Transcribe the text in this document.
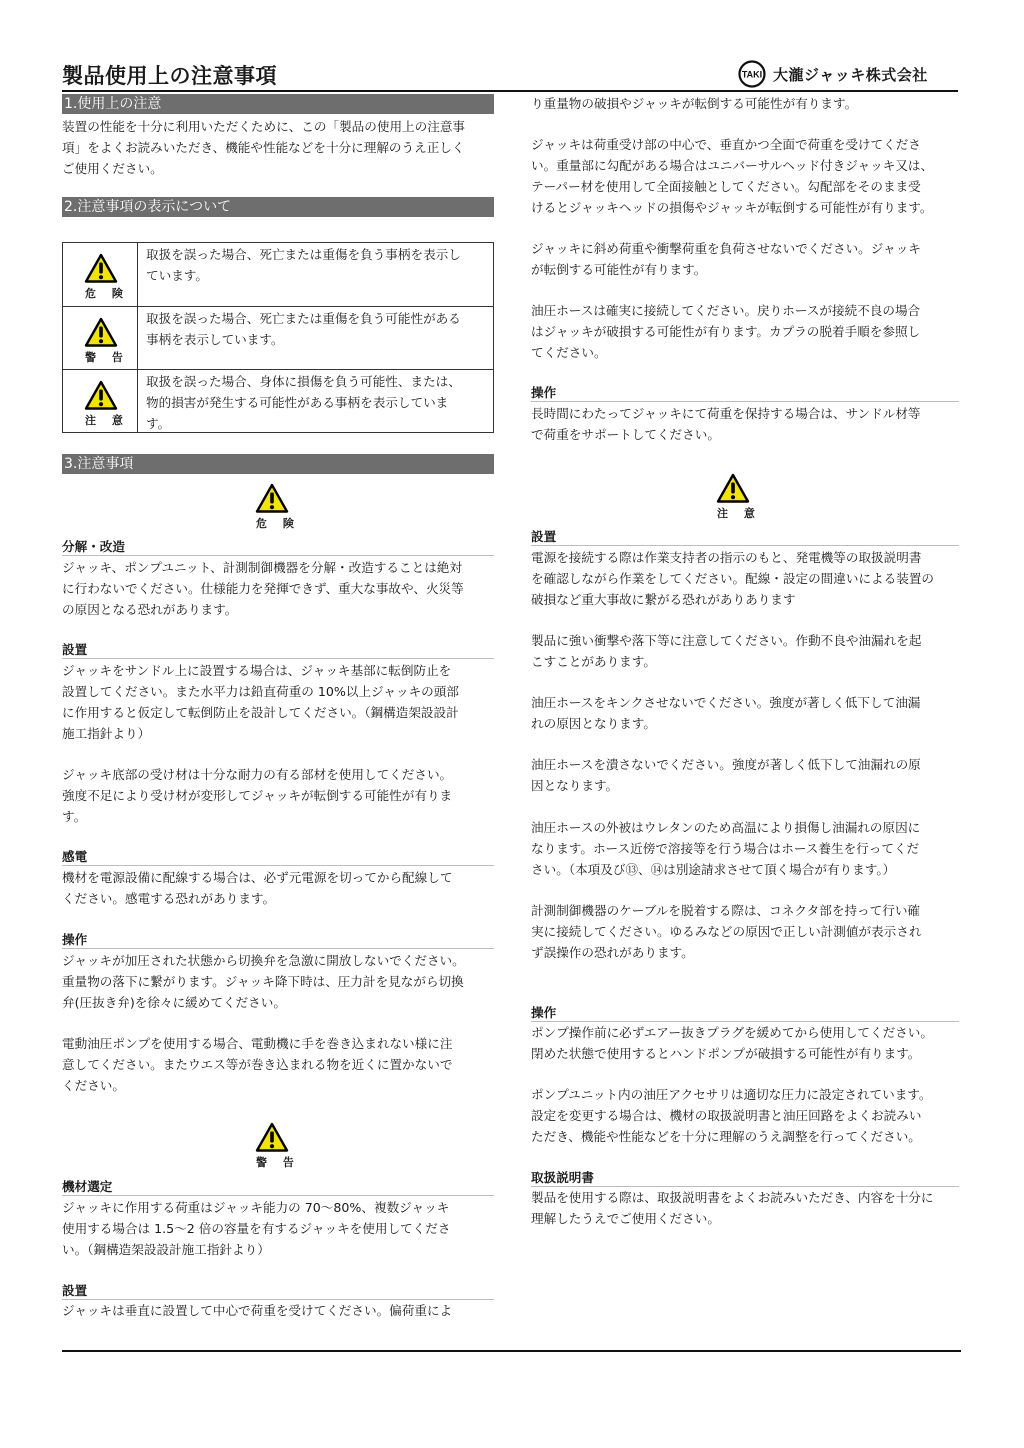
製品使用上の注意事項	TAKI 大瀧ジャッキ株式会社
1.使用上の注意
装置の性能を十分に利用いただくために、この「製品の使用上の注意事
項」をよくお読みいただき、機能や性能などを十分に理解のうえ正しく
ご使用ください。
2.注意事項の表示について
危 険
取扱を誤った場合、死亡または重傷を負う事柄を表示し
ています。
警 告
取扱を誤った場合、死亡または重傷を負う可能性がある
事柄を表示しています。
注 意
取扱を誤った場合、身体に損傷を負う可能性、または、
物的損害が発生する可能性がある事柄を表示していま
す。
3.注意事項
危 険
分解・改造
ジャッキ、ポンプユニット、計測制御機器を分解・改造することは絶対
に行わないでください。仕様能力を発揮できず、重大な事故や、火災等
の原因となる恐れがあります。
設置
ジャッキをサンドル上に設置する場合は、ジャッキ基部に転倒防止を
設置してください。また水平力は鉛直荷重の 10%以上ジャッキの頭部
に作用すると仮定して転倒防止を設計してください。（鋼構造架設設計
施工指針より）
ジャッキ底部の受け材は十分な耐力の有る部材を使用してください。
強度不足により受け材が変形してジャッキが転倒する可能性が有りま
す。
感電
機材を電源設備に配線する場合は、必ず元電源を切ってから配線して
ください。感電する恐れがあります。
操作
ジャッキが加圧された状態から切換弁を急激に開放しないでください。
重量物の落下に繋がります。ジャッキ降下時は、圧力計を見ながら切換
弁(圧抜き弁)を徐々に緩めてください。
電動油圧ポンプを使用する場合、電動機に手を巻き込まれない様に注
意してください。またウエス等が巻き込まれる物を近くに置かないで
ください。
警 告
機材選定
ジャッキに作用する荷重はジャッキ能力の 70～80%、複数ジャッキ
使用する場合は 1.5～2 倍の容量を有するジャッキを使用してくださ
い。（鋼構造架設設計施工指針より）
設置
ジャッキは垂直に設置して中心で荷重を受けてください。偏荷重によ
り重量物の破損やジャッキが転倒する可能性が有ります。
ジャッキは荷重受け部の中心で、垂直かつ全面で荷重を受けてくださ
い。重量部に勾配がある場合はユニバーサルヘッド付きジャッキ又は、
テーパー材を使用して全面接触としてください。勾配部をそのまま受
けるとジャッキヘッドの損傷やジャッキが転倒する可能性が有ります。
ジャッキに斜め荷重や衝撃荷重を負荷させないでください。ジャッキ
が転倒する可能性が有ります。
油圧ホースは確実に接続してください。戻りホースが接続不良の場合
はジャッキが破損する可能性が有ります。カプラの脱着手順を参照し
てください。
操作
長時間にわたってジャッキにて荷重を保持する場合は、サンドル材等
で荷重をサポートしてください。
注 意
設置
電源を接続する際は作業支持者の指示のもと、発電機等の取扱説明書
を確認しながら作業をしてください。配線・設定の間違いによる装置の
破損など重大事故に繋がる恐れがありあります
製品に強い衝撃や落下等に注意してください。作動不良や油漏れを起
こすことがあります。
油圧ホースをキンクさせないでください。強度が著しく低下して油漏
れの原因となります。
油圧ホースを潰さないでください。強度が著しく低下して油漏れの原
因となります。
油圧ホースの外被はウレタンのため高温により損傷し油漏れの原因に
なります。ホース近傍で溶接等を行う場合はホース養生を行ってくだ
さい。（本項及び⑬、⑭は別途請求させて頂く場合が有ります。）
計測制御機器のケーブルを脱着する際は、コネクタ部を持って行い確
実に接続してください。ゆるみなどの原因で正しい計測値が表示され
ず誤操作の恐れがあります。
操作
ポンプ操作前に必ずエアー抜きプラグを緩めてから使用してください。
閉めた状態で使用するとハンドポンプが破損する可能性が有ります。
ポンプユニット内の油圧アクセサリは適切な圧力に設定されています。
設定を変更する場合は、機材の取扱説明書と油圧回路をよくお読みい
ただき、機能や性能などを十分に理解のうえ調整を行ってください。
取扱説明書
製品を使用する際は、取扱説明書をよくお読みいただき、内容を十分に
理解したうえでご使用ください。
